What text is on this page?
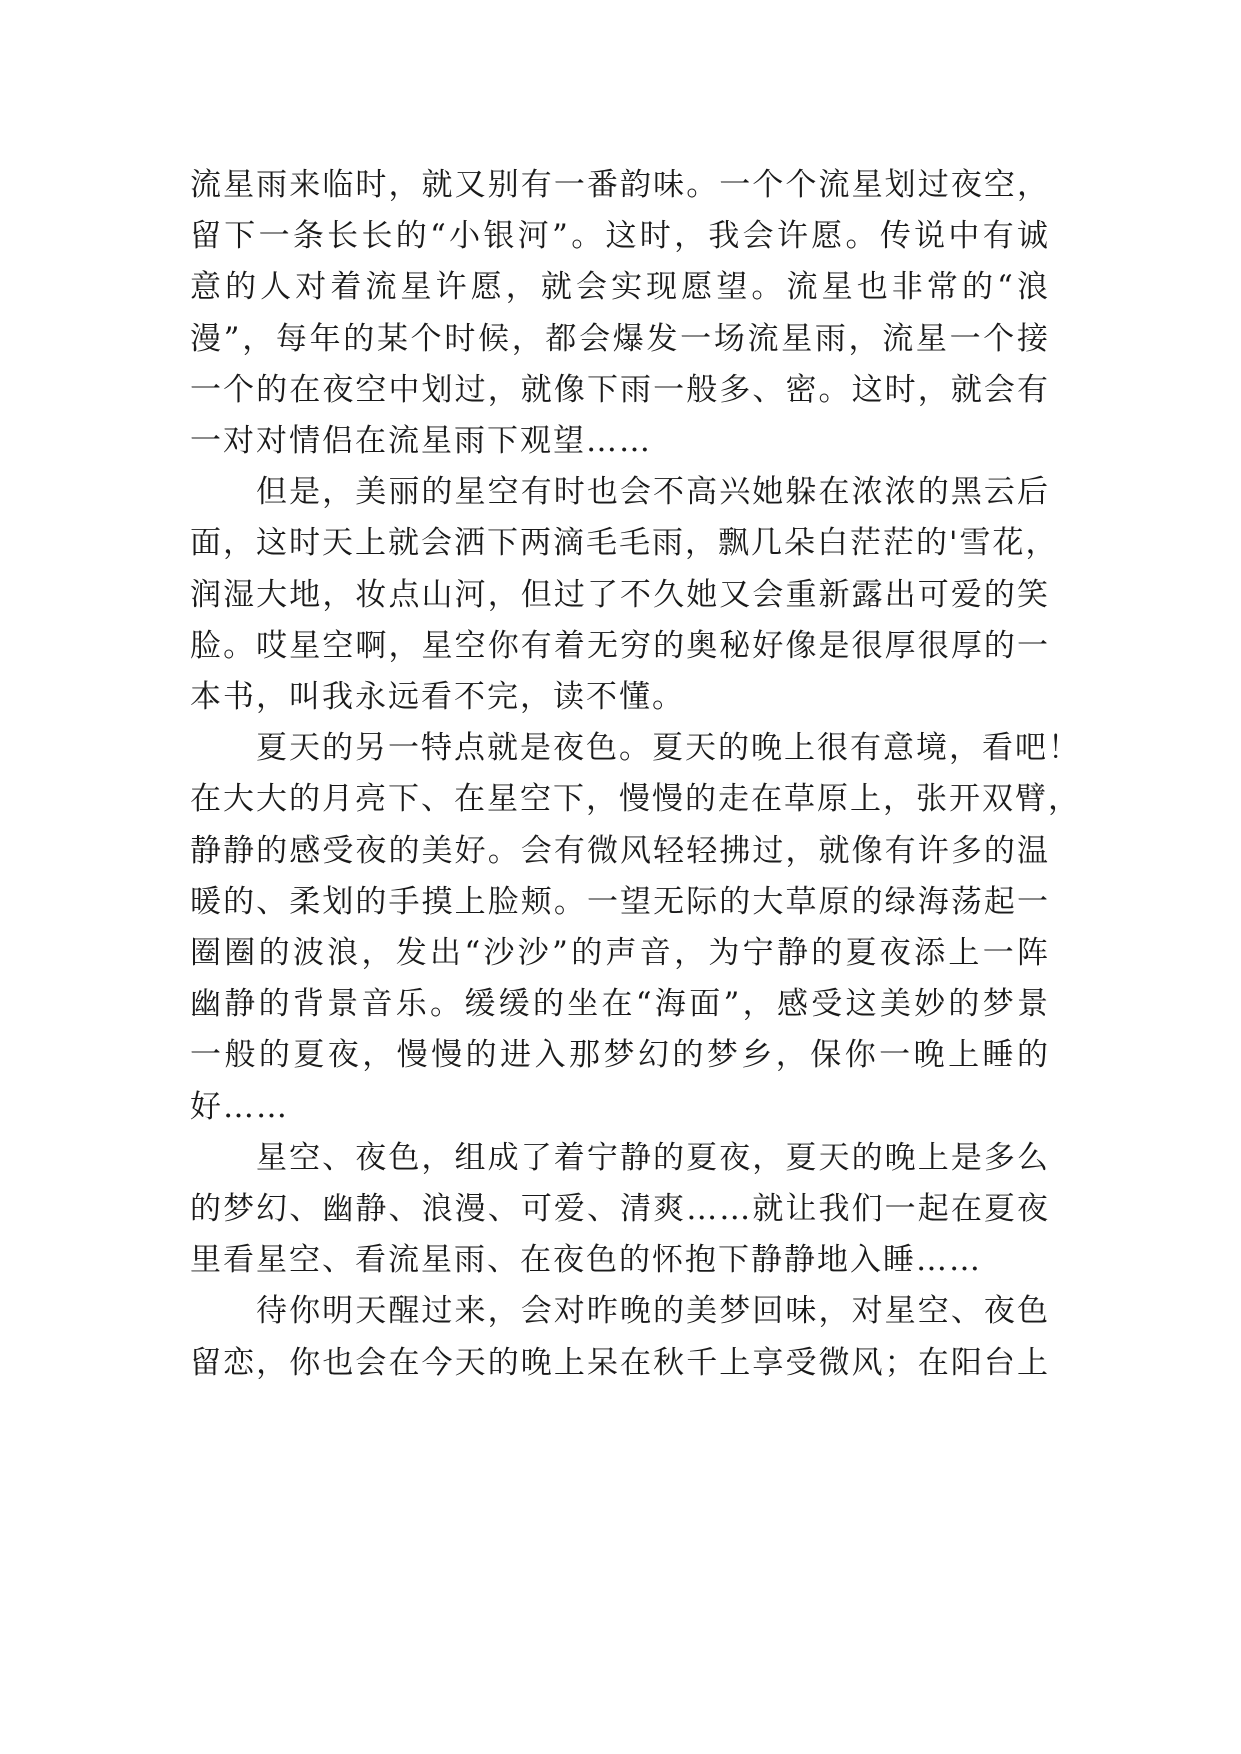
流星雨来临时，就又别有一番韵味。一个个流星划过夜空，
留下一条长长的“小银河”。这时，我会许愿。传说中有诚
意的人对着流星许愿，就会实现愿望。流星也非常的“浪
漫”，每年的某个时候，都会爆发一场流星雨，流星一个接
一个的在夜空中划过，就像下雨一般多、密。这时，就会有
一对对情侣在流星雨下观望……

但是，美丽的星空有时也会不高兴她躲在浓浓的黑云后
面，这时天上就会洒下两滴毛毛雨，飘几朵白茫茫的'雪花，
润湿大地，妆点山河，但过了不久她又会重新露出可爱的笑
脸。哎星空啊，星空你有着无穷的奥秘好像是很厚很厚的一
本书，叫我永远看不完，读不懂。

夏天的另一特点就是夜色。夏天的晚上很有意境，看吧！
在大大的月亮下、在星空下，慢慢的走在草原上，张开双臂，
静静的感受夜的美好。会有微风轻轻拂过，就像有许多的温
暖的、柔划的手摸上脸颊。一望无际的大草原的绿海荡起一
圈圈的波浪，发出“沙沙”的声音，为宁静的夏夜添上一阵
幽静的背景音乐。缓缓的坐在“海面”，感受这美妙的梦景
一般的夏夜，慢慢的进入那梦幻的梦乡，保你一晚上睡的
好……

星空、夜色，组成了着宁静的夏夜，夏天的晚上是多么
的梦幻、幽静、浪漫、可爱、清爽……就让我们一起在夏夜
里看星空、看流星雨、在夜色的怀抱下静静地入睡……

待你明天醒过来，会对昨晚的美梦回味，对星空、夜色
留恋，你也会在今天的晚上呆在秋千上享受微风；在阳台上
